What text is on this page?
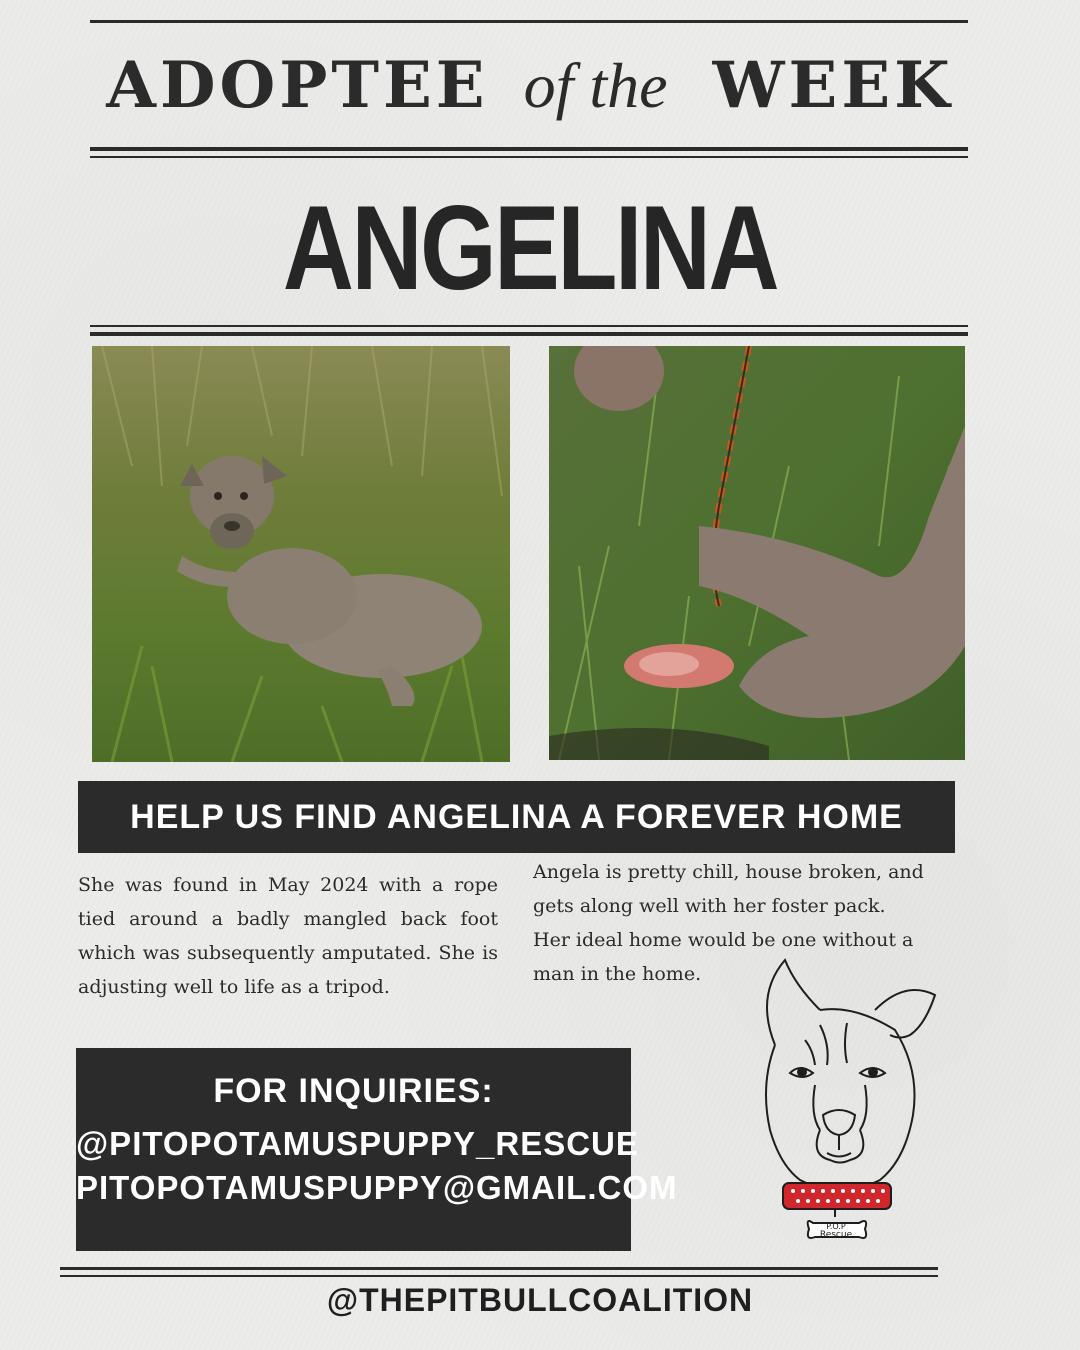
ADOPTEE of the WEEK
ANGELINA
HELP US FIND ANGELINA A FOREVER HOME
She was found in May 2024 with a rope tied around a badly mangled back foot which was subsequently amputated. She is adjusting well to life as a tripod.
Angela is pretty chill, house broken, and gets along well with her foster pack.
Her ideal home would be one without a man in the home.
FOR INQUIRIES:
@PITOPOTAMUSPUPPY_RESCUE
PITOPOTAMUSPUPPY@GMAIL.COM
P.O.P
Rescue
@THEPITBULLCOALITION
